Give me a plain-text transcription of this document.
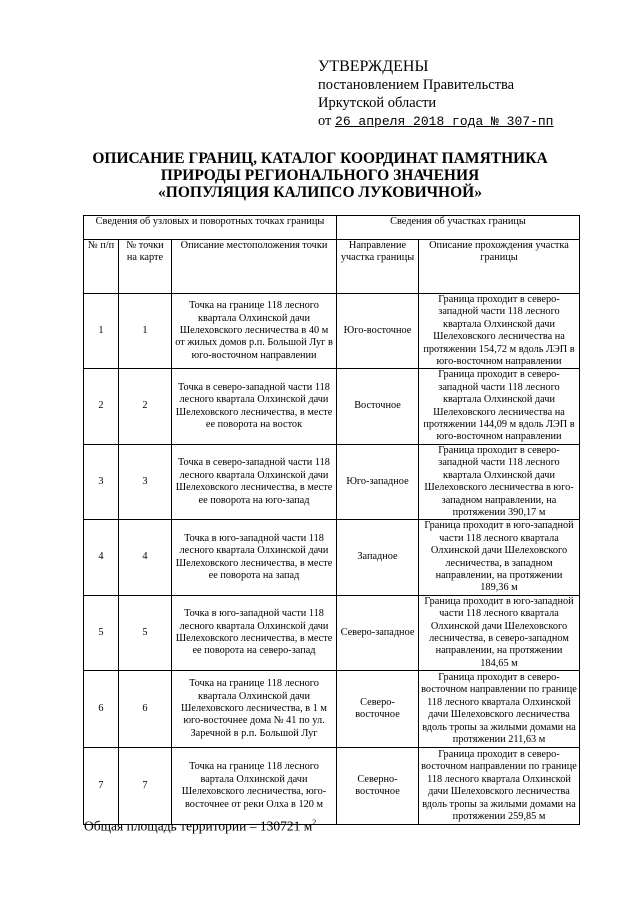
УТВЕРЖДЕНЫ
постановлением Правительства
Иркутской области
от 26 апреля 2018 года № 307-пп
ОПИСАНИЕ ГРАНИЦ, КАТАЛОГ КООРДИНАТ ПАМЯТНИКА
ПРИРОДЫ РЕГИОНАЛЬНОГО ЗНАЧЕНИЯ
«ПОПУЛЯЦИЯ КАЛИПСО ЛУКОВИЧНОЙ»
Сведения об узловых и поворотных точках границы			Сведения об участках границы	
№ п/п	№ точки на карте	Описание местоположения точки	Направление участка границы	Описание прохождения участка границы
1	1	Точка на границе 118 лесного квартала Олхинской дачи Шелеховского лесничества в 40 м от жилых домов р.п. Большой Луг в юго-восточном направлении	Юго-восточное	Граница проходит в северо-западной части 118 лесного квартала Олхинской дачи Шелеховского лесничества на протяжении 154,72 м вдоль ЛЭП в юго-восточном направлении
2	2	Точка в северо-западной части 118 лесного квартала Олхинской дачи Шелеховского лесничества, в месте ее поворота на восток	Восточное	Граница проходит в северо-западной части 118 лесного квартала Олхинской дачи Шелеховского лесничества на протяжении 144,09 м вдоль ЛЭП в юго-восточном направлении
3	3	Точка в северо-западной части 118 лесного квартала Олхинской дачи Шелеховского лесничества, в месте ее поворота на юго-запад	Юго-западное	Граница проходит в северо-западной части 118 лесного квартала Олхинской дачи Шелеховского лесничества в юго-западном направлении, на протяжении 390,17 м
4	4	Точка в юго-западной части 118 лесного квартала Олхинской дачи Шелеховского лесничества, в месте ее поворота на запад	Западное	Граница проходит в юго-западной части 118 лесного квартала Олхинской дачи Шелеховского лесничества, в западном направлении, на протяжении 189,36 м
5	5	Точка в юго-западной части 118 лесного квартала Олхинской дачи Шелеховского лесничества, в месте ее поворота на северо-запад	Северо-западное	Граница проходит в юго-западной части 118 лесного квартала Олхинской дачи Шелеховского лесничества, в северо-западном направлении, на протяжении 184,65 м
6	6	Точка на границе 118 лесного квартала Олхинской дачи Шелеховского лесничества, в 1 м юго-восточнее дома № 41 по ул. Заречной в р.п. Большой Луг	Северо-восточное	Граница проходит в северо-восточном направлении по границе 118 лесного квартала Олхинской дачи Шелеховского лесничества вдоль тропы за жилыми домами на протяжении 211,63 м
7	7	Точка на границе 118 лесного вартала Олхинской дачи Шелеховского лесничества, юго-восточнее от реки Олха в 120 м	Северно-восточное	Граница проходит в северо-восточном направлении по границе 118 лесного квартала Олхинской дачи Шелеховского лесничества вдоль тропы за жилыми домами на протяжении 259,85 м
Общая площадь территории – 130721 $м^2$
